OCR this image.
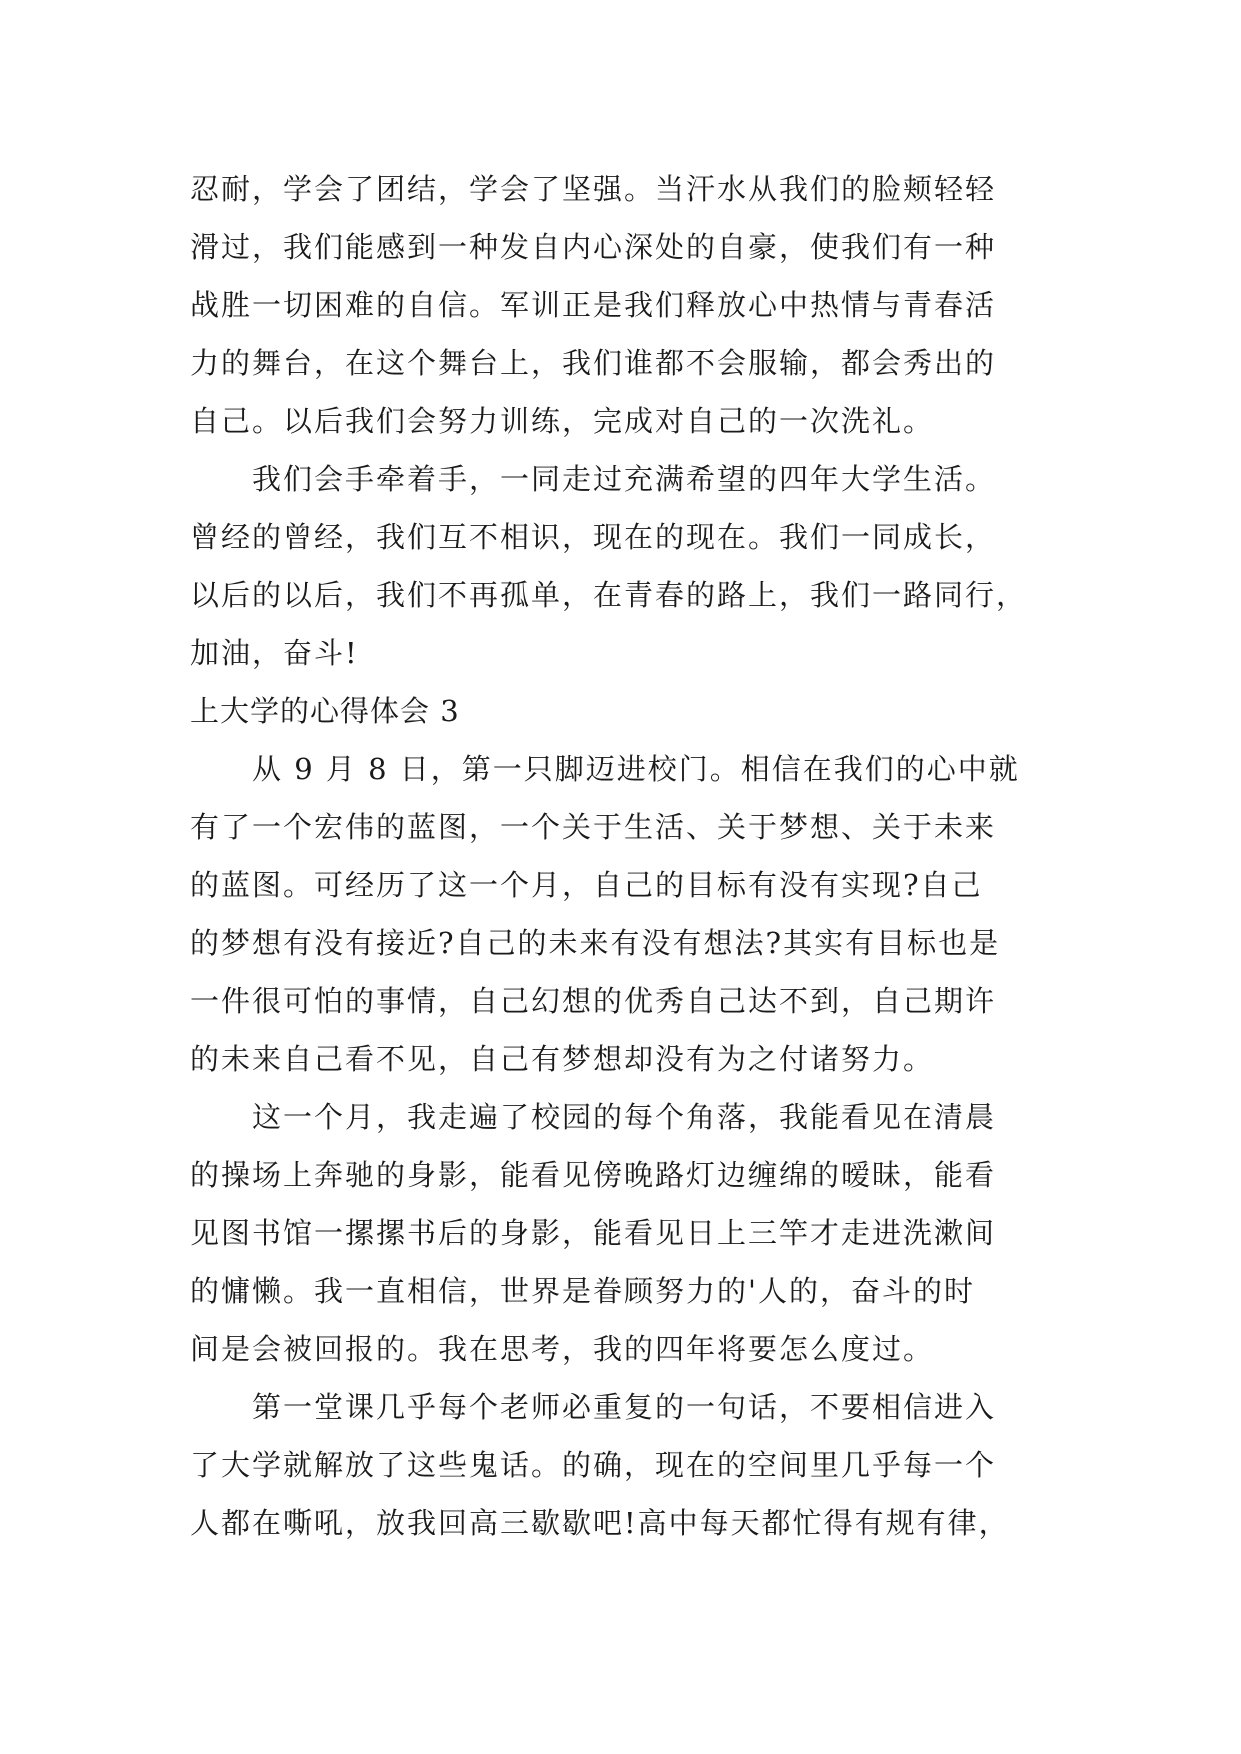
忍耐，学会了团结，学会了坚强。当汗水从我们的脸颊轻轻
滑过，我们能感到一种发自内心深处的自豪，使我们有一种
战胜一切困难的自信。军训正是我们释放心中热情与青春活
力的舞台，在这个舞台上，我们谁都不会服输，都会秀出的
自己。以后我们会努力训练，完成对自己的一次洗礼。
我们会手牵着手，一同走过充满希望的四年大学生活。
曾经的曾经，我们互不相识，现在的现在。我们一同成长，
以后的以后，我们不再孤单，在青春的路上，我们一路同行，
加油，奋斗!
上大学的心得体会 3
从 9 月 8 日，第一只脚迈进校门。相信在我们的心中就
有了一个宏伟的蓝图，一个关于生活、关于梦想、关于未来
的蓝图。可经历了这一个月，自己的目标有没有实现?自己
的梦想有没有接近?自己的未来有没有想法?其实有目标也是
一件很可怕的事情，自己幻想的优秀自己达不到，自己期许
的未来自己看不见，自己有梦想却没有为之付诸努力。
这一个月，我走遍了校园的每个角落，我能看见在清晨
的操场上奔驰的身影，能看见傍晚路灯边缠绵的暧昧，能看
见图书馆一摞摞书后的身影，能看见日上三竿才走进洗漱间
的慵懒。我一直相信，世界是眷顾努力的'人的，奋斗的时
间是会被回报的。我在思考，我的四年将要怎么度过。
第一堂课几乎每个老师必重复的一句话，不要相信进入
了大学就解放了这些鬼话。的确，现在的空间里几乎每一个
人都在嘶吼，放我回高三歇歇吧!高中每天都忙得有规有律，
